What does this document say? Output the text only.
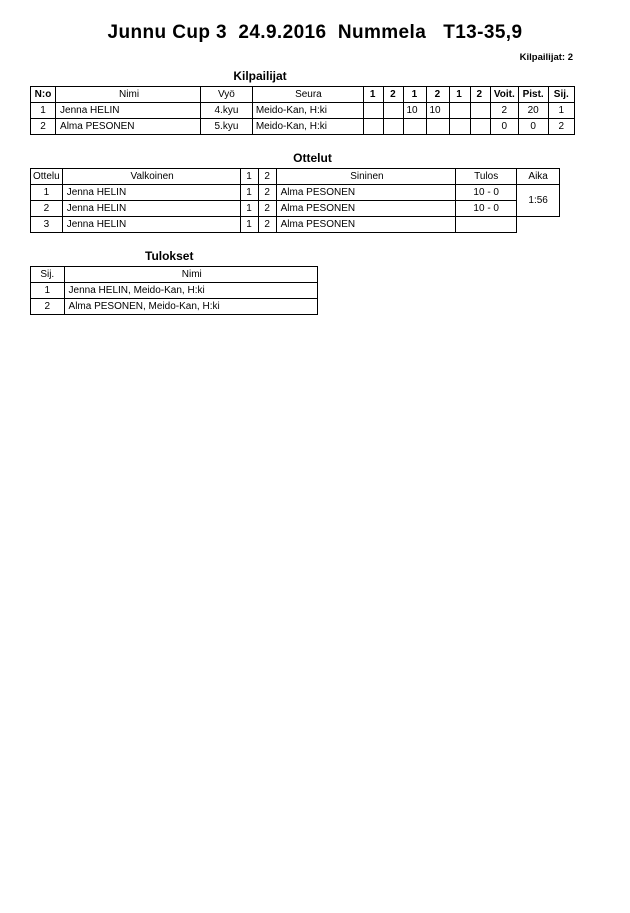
Junnu Cup 3  24.9.2016  Nummela   T13-35,9
Kilpailijat: 2
Kilpailijat
N:o	Nimi	Vyö	Seura	1	2	1	2	1	2	Voit.	Pist.	Sij.
1	Jenna HELIN	4.kyu	Meido-Kan, H:ki			10	10			2	20	1
2	Alma PESONEN	5.kyu	Meido-Kan, H:ki							0	0	2
Ottelut
Ottelu	Valkoinen	1	2	Sininen	Tulos	Aika
1	Jenna HELIN	1	2	Alma PESONEN	10 - 0	1:56
2	Jenna HELIN	1	2	Alma PESONEN	10 - 0	
3	Jenna HELIN	1	2	Alma PESONEN		
Tulokset
Sij.	Nimi
1	Jenna HELIN, Meido-Kan, H:ki
2	Alma PESONEN, Meido-Kan, H:ki
